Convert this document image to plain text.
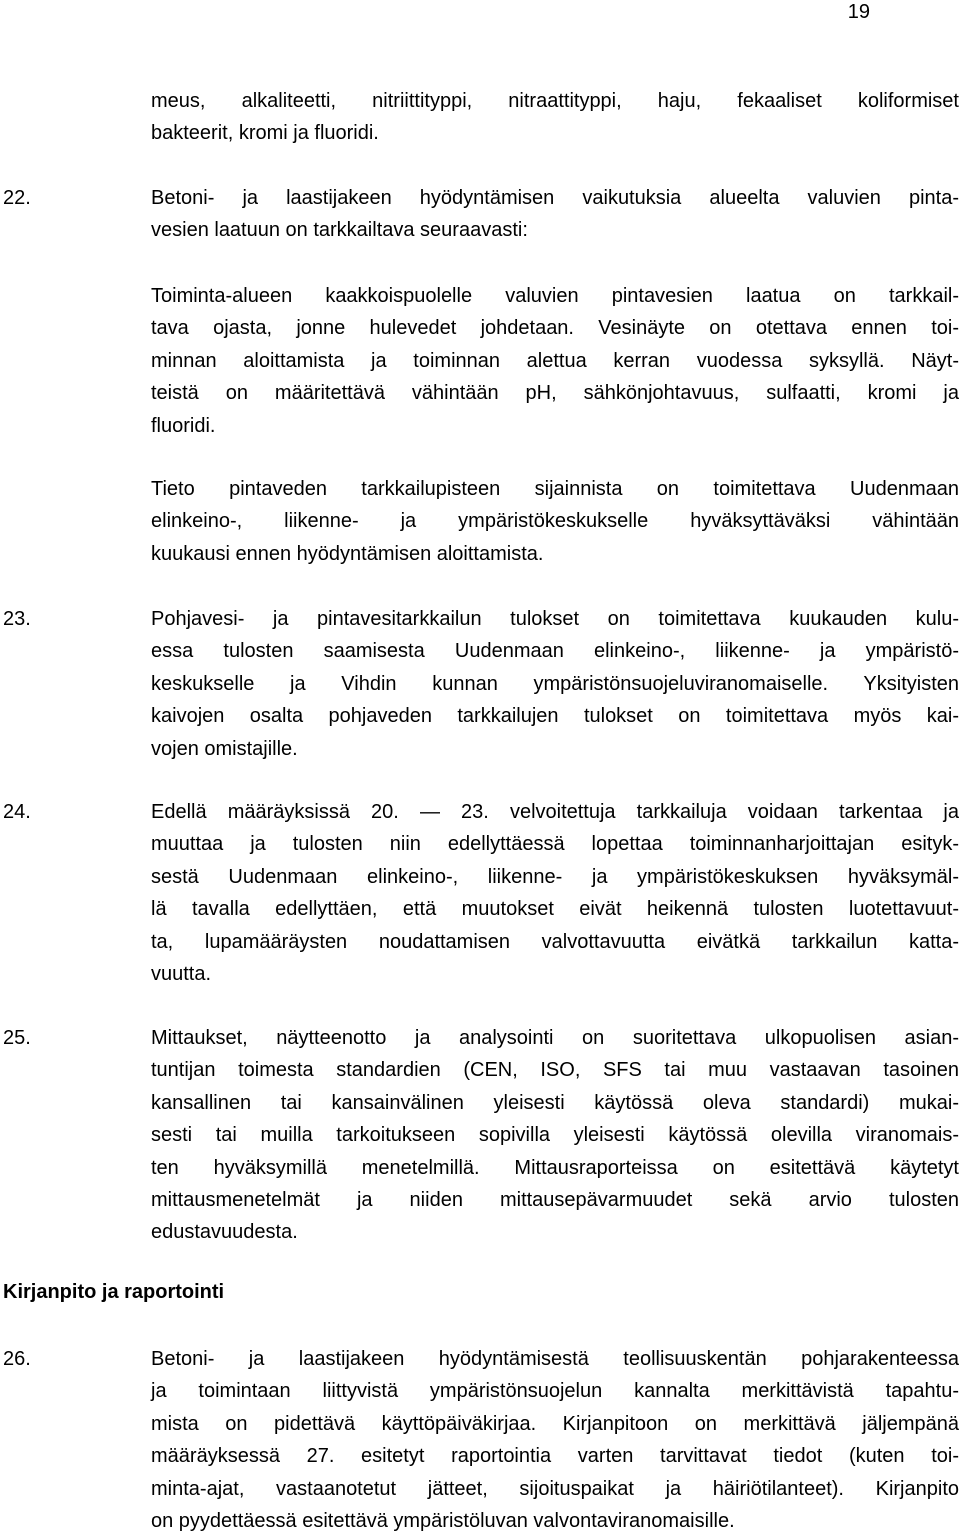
19
meus, alkaliteetti, nitriittityppi, nitraattityppi, haju, fekaaliset koliformiset
bakteerit, kromi ja fluoridi.
22.	Betoni- ja laastijakeen hyödyntämisen vaikutuksia alueelta valuvien pinta-
vesien laatuun on tarkkailtava seuraavasti:
Toiminta-alueen kaakkoispuolelle valuvien pintavesien laatua on tarkkail-
tava ojasta, jonne hulevedet johdetaan. Vesinäyte on otettava ennen toi-
minnan aloittamista ja toiminnan alettua kerran vuodessa syksyllä. Näyt-
teistä on määritettävä vähintään pH, sähkönjohtavuus, sulfaatti, kromi ja
fluoridi.
Tieto pintaveden tarkkailupisteen sijainnista on toimitettava Uudenmaan
elinkeino-, liikenne- ja ympäristökeskukselle hyväksyttäväksi vähintään
kuukausi ennen hyödyntämisen aloittamista.
23.	Pohjavesi- ja pintavesitarkkailun tulokset on toimitettava kuukauden kulu-
essa tulosten saamisesta Uudenmaan elinkeino-, liikenne- ja ympäristö-
keskukselle ja Vihdin kunnan ympäristönsuojeluviranomaiselle. Yksityisten
kaivojen osalta pohjaveden tarkkailujen tulokset on toimitettava myös kai-
vojen omistajille.
24.	Edellä määräyksissä 20. — 23. velvoitettuja tarkkailuja voidaan tarkentaa ja
muuttaa ja tulosten niin edellyttäessä lopettaa toiminnanharjoittajan esityk-
sestä Uudenmaan elinkeino-, liikenne- ja ympäristökeskuksen hyväksymäl-
lä tavalla edellyttäen, että muutokset eivät heikennä tulosten luotettavuut-
ta, lupamääräysten noudattamisen valvottavuutta eivätkä tarkkailun katta-
vuutta.
25.	Mittaukset, näytteenotto ja analysointi on suoritettava ulkopuolisen asian-
tuntijan toimesta standardien (CEN, ISO, SFS tai muu vastaavan tasoinen
kansallinen tai kansainvälinen yleisesti käytössä oleva standardi) mukai-
sesti tai muilla tarkoitukseen sopivilla yleisesti käytössä olevilla viranomais-
ten hyväksymillä menetelmillä. Mittausraporteissa on esitettävä käytetyt
mittausmenetelmät ja niiden mittausepävarmuudet sekä arvio tulosten
edustavuudesta.
Kirjanpito ja raportointi
26.	Betoni- ja laastijakeen hyödyntämisestä teollisuuskentän pohjarakenteessa
ja toimintaan liittyvistä ympäristönsuojelun kannalta merkittävistä tapahtu-
mista on pidettävä käyttöpäiväkirjaa. Kirjanpitoon on merkittävä jäljempänä
määräyksessä 27. esitetyt raportointia varten tarvittavat tiedot (kuten toi-
minta-ajat, vastaanotetut jätteet, sijoituspaikat ja häiriötilanteet). Kirjanpito
on pyydettäessä esitettävä ympäristöluvan valvontaviranomaisille.
